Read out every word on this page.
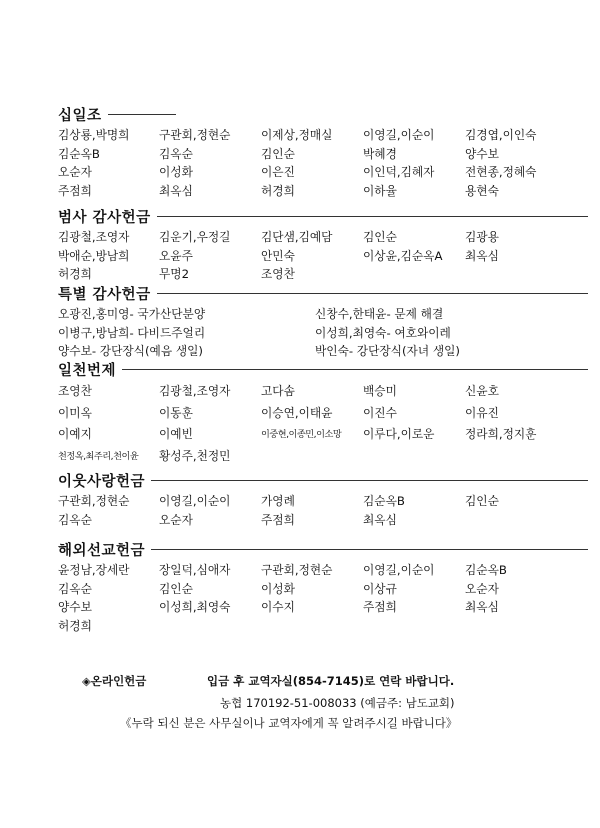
십일조
김상룡,박명희	구관회,정현순	이제상,정매실	이영길,이순이	김경엽,이인숙
김순옥B	김옥순	김인순	박혜경	양수보
오순자	이성화	이은진	이인덕,김혜자	전현종,정혜숙
주점희	최옥심	허경희	이하율	용현숙
범사 감사헌금
김광철,조영자	김운기,우정길	김단샘,김예담	김인순	김광용
박애순,방남희	오윤주	안민숙	이상윤,김순옥A	최옥심
허경희	무명2	조영찬
특별 감사헌금
오광진,홍미영- 국가산단분양	신창수,한태윤- 문제 해결
이병구,방남희- 다비드주얼리	이성희,최영숙- 여호와이레
양수보- 강단장식(예음 생일)	박인숙- 강단장식(자녀 생일)
일천번제
조영찬	김광철,조영자	고다솜	백승미	신윤호
이미옥	이동훈	이승연,이태윤	이진수	이유진
이예지	이예빈	이중현,이종민,이소망	이루다,이로운	정라희,정지훈
천정옥,최주리,천이윤	황성주,천정민
이웃사랑헌금
구관회,정현순	이영길,이순이	가영례	김순옥B	김인순
김옥순	오순자	주점희	최옥심
해외선교헌금
윤정남,장세란	장일덕,심애자	구관회,정현순	이영길,이순이	김순옥B
김옥순	김인순	이성화	이상규	오순자
양수보	이성희,최영숙	이수지	주점희	최옥심
허경희
◈온라인헌금	입금 후 교역자실(854-7145)로 연락 바랍니다.
농협 170192-51-008033 (예금주: 남도교회)
《누락 되신 분은 사무실이나 교역자에게 꼭 알려주시길 바랍니다》
